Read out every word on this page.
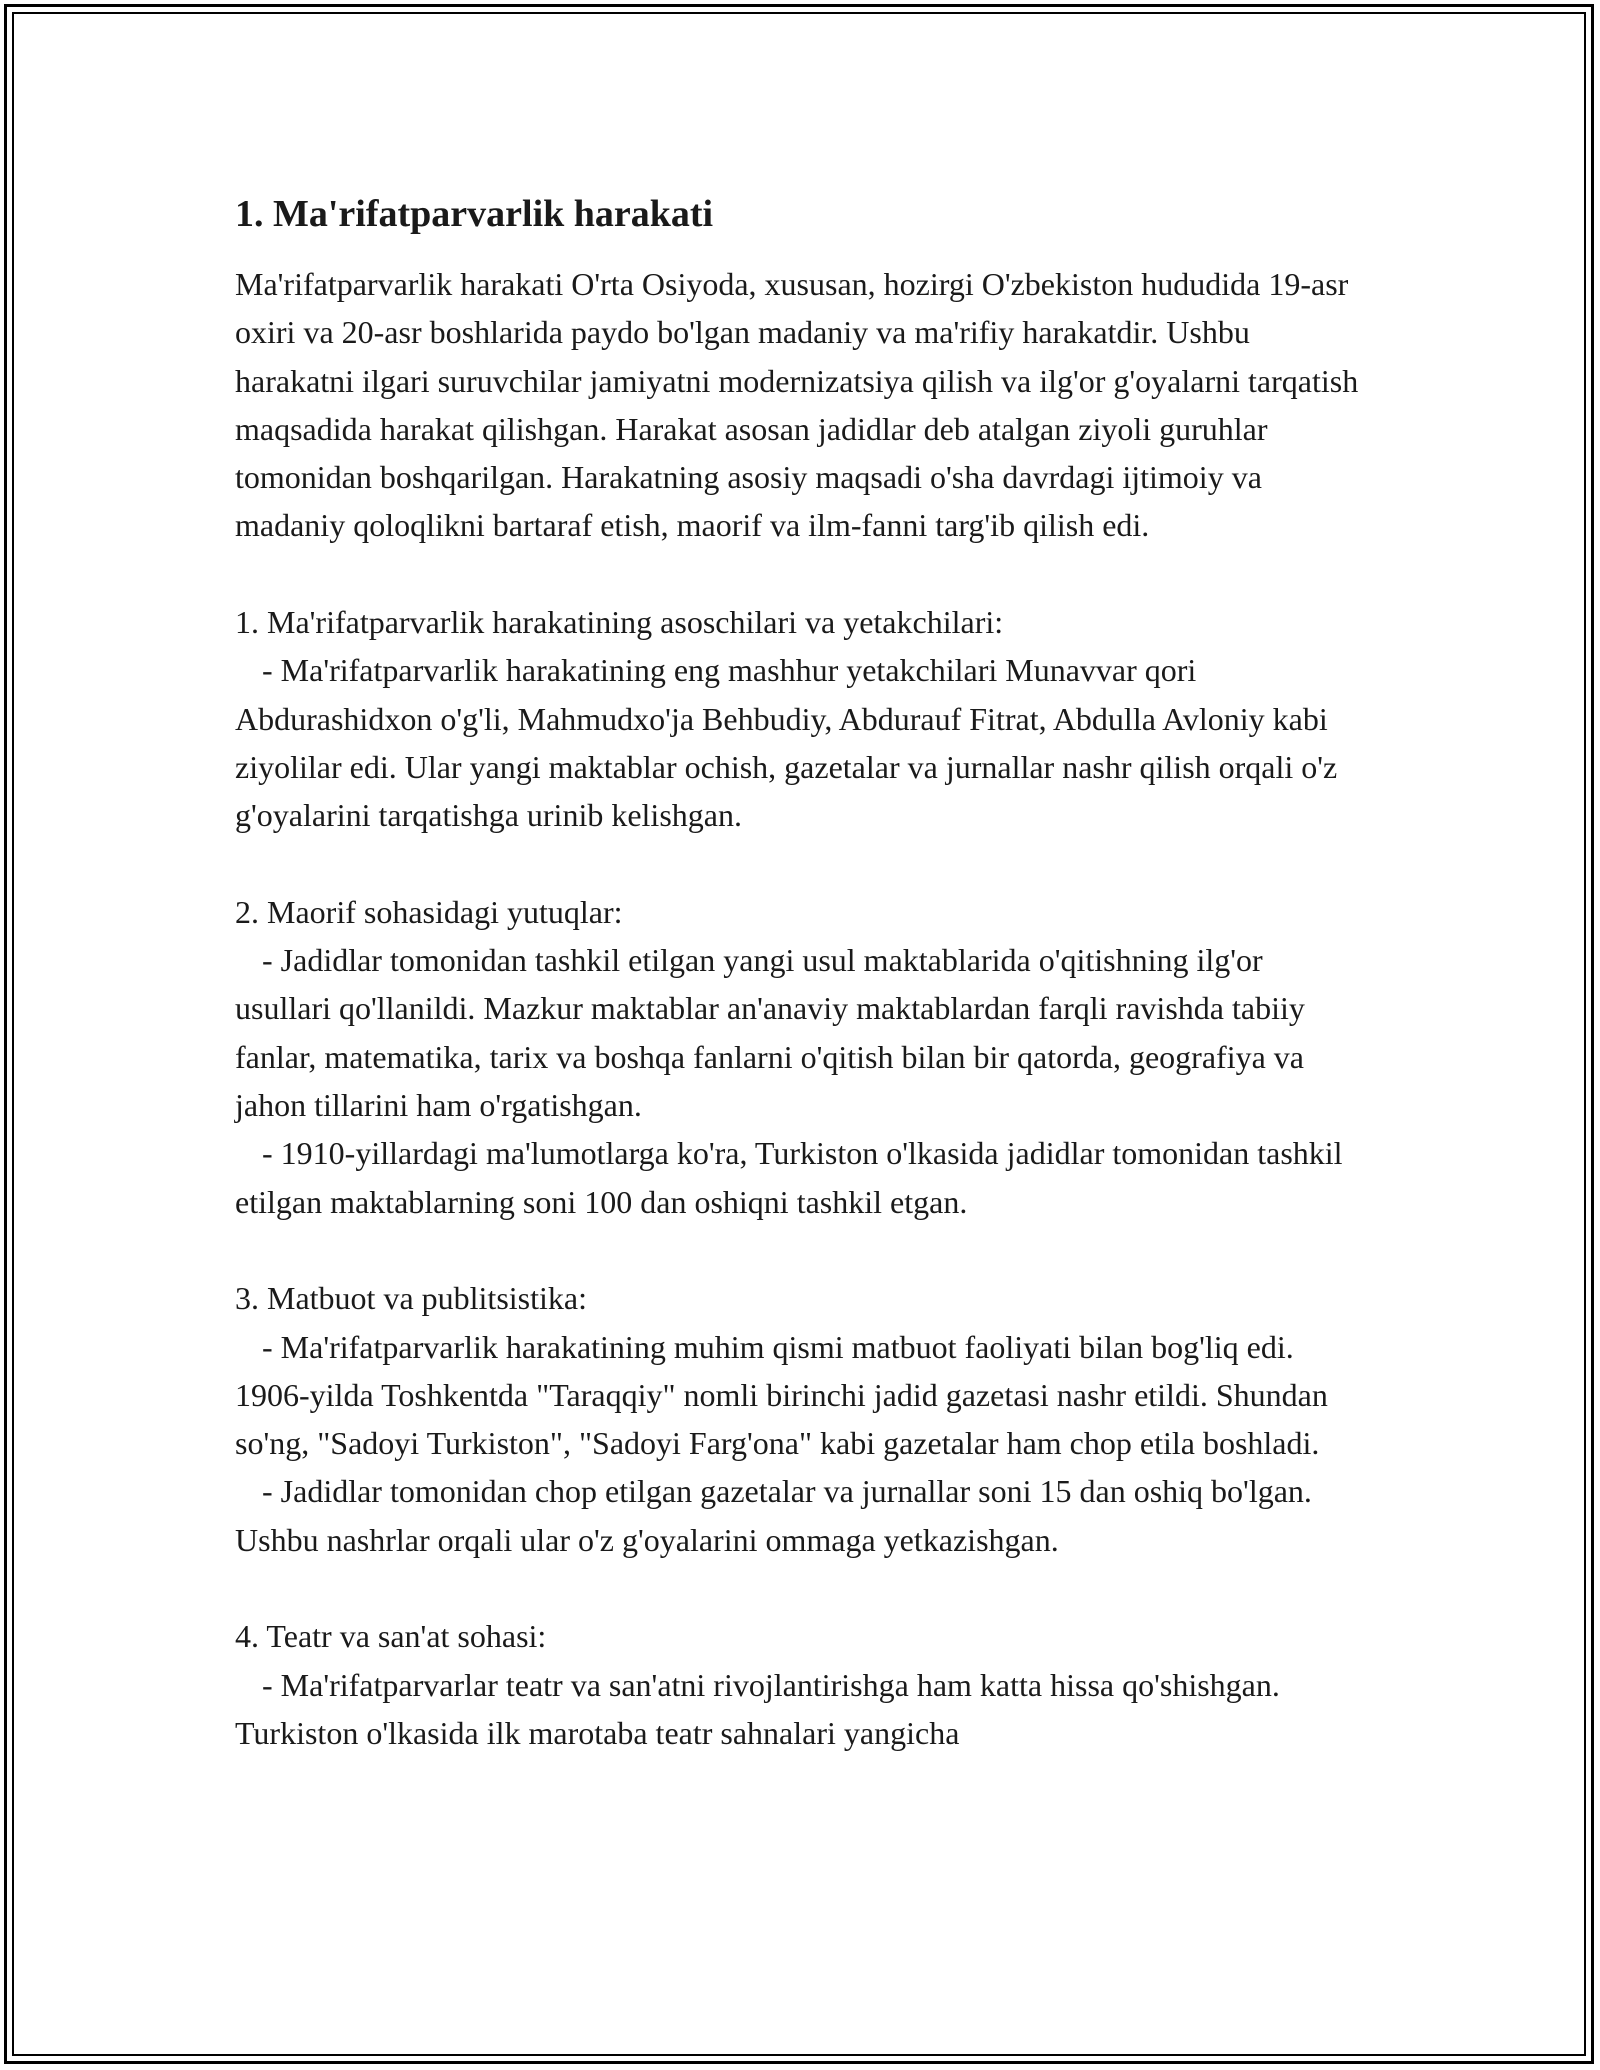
1. Ma'rifatparvarlik harakati

Ma'rifatparvarlik harakati O'rta Osiyoda, xususan, hozirgi O'zbekiston hududida 19-asr oxiri va 20-asr boshlarida paydo bo'lgan madaniy va ma'rifiy harakatdir. Ushbu harakatni ilgari suruvchilar jamiyatni modernizatsiya qilish va ilg'or g'oyalarni tarqatish maqsadida harakat qilishgan. Harakat asosan jadidlar deb atalgan ziyoli guruhlar tomonidan boshqarilgan. Harakatning asosiy maqsadi o'sha davrdagi ijtimoiy va madaniy qoloqlikni bartaraf etish, maorif va ilm-fanni targ'ib qilish edi.

1. Ma'rifatparvarlik harakatining asoschilari va yetakchilari:

- Ma'rifatparvarlik harakatining eng mashhur yetakchilari Munavvar qori Abdurashidxon o'g'li, Mahmudxo'ja Behbudiy, Abdurauf Fitrat, Abdulla Avloniy kabi ziyolilar edi. Ular yangi maktablar ochish, gazetalar va jurnallar nashr qilish orqali o'z g'oyalarini tarqatishga urinib kelishgan.

2. Maorif sohasidagi yutuqlar:

- Jadidlar tomonidan tashkil etilgan yangi usul maktablarida o'qitishning ilg'or usullari qo'llanildi. Mazkur maktablar an'anaviy maktablardan farqli ravishda tabiiy fanlar, matematika, tarix va boshqa fanlarni o'qitish bilan bir qatorda, geografiya va jahon tillarini ham o'rgatishgan.

- 1910-yillardagi ma'lumotlarga ko'ra, Turkiston o'lkasida jadidlar tomonidan tashkil etilgan maktablarning soni 100 dan oshiqni tashkil etgan.

3. Matbuot va publitsistika:

- Ma'rifatparvarlik harakatining muhim qismi matbuot faoliyati bilan bog'liq edi. 1906-yilda Toshkentda "Taraqqiy" nomli birinchi jadid gazetasi nashr etildi. Shundan so'ng, "Sadoyi Turkiston", "Sadoyi Farg'ona" kabi gazetalar ham chop etila boshladi.

- Jadidlar tomonidan chop etilgan gazetalar va jurnallar soni 15 dan oshiq bo'lgan. Ushbu nashrlar orqali ular o'z g'oyalarini ommaga yetkazishgan.

4. Teatr va san'at sohasi:

- Ma'rifatparvarlar teatr va san'atni rivojlantirishga ham katta hissa qo'shishgan. Turkiston o'lkasida ilk marotaba teatr sahnalari yangicha
